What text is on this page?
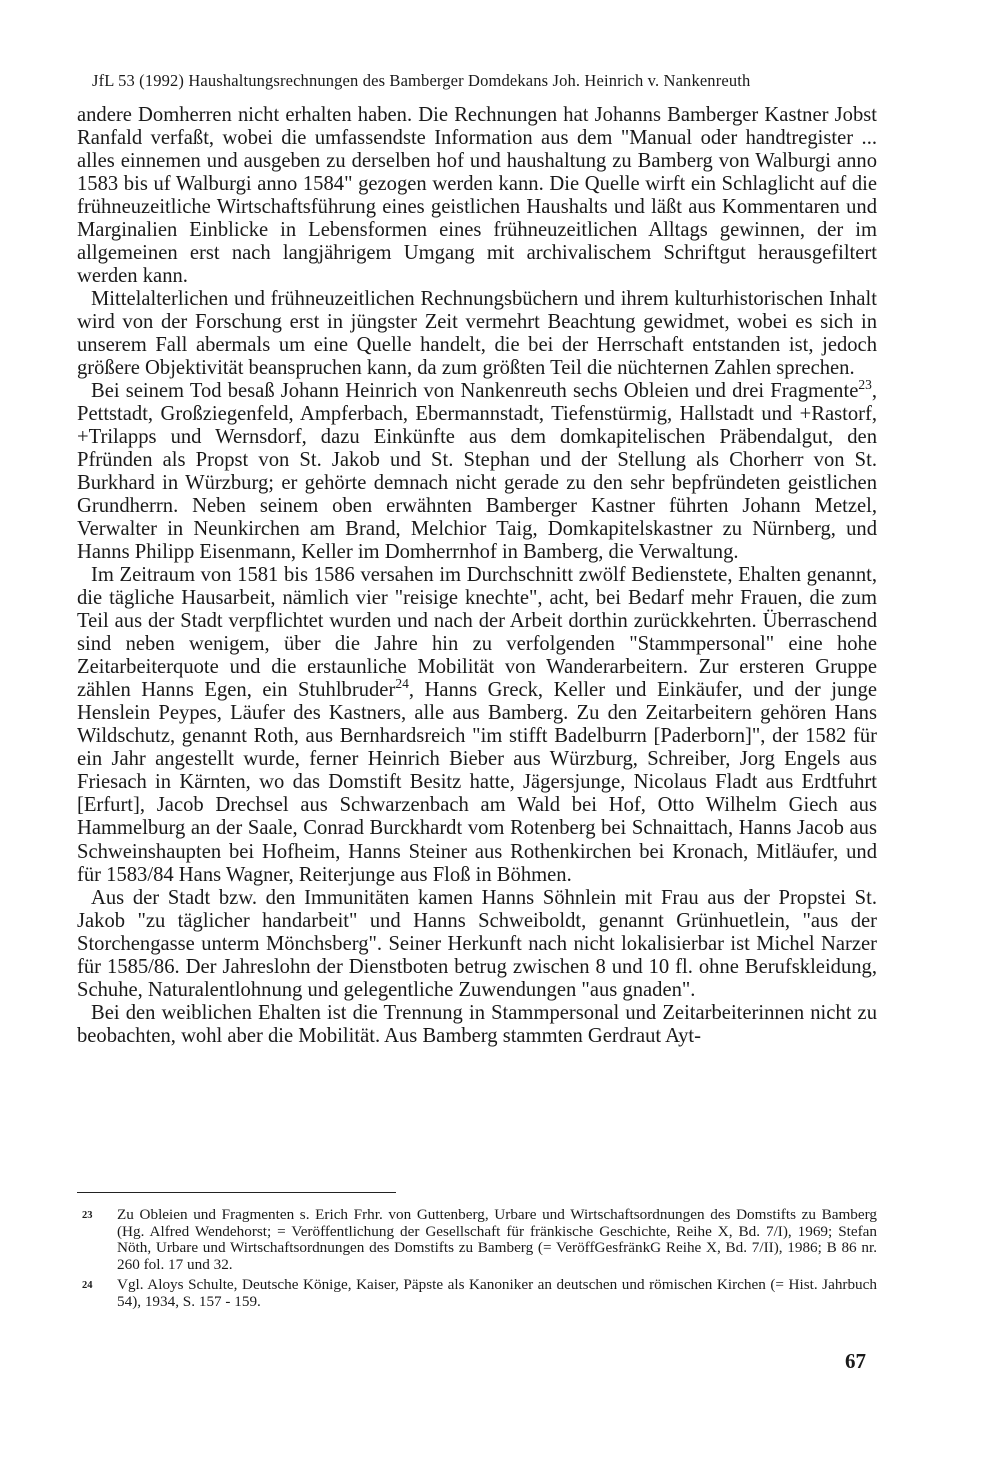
JfL 53 (1992) Haushaltungsrechnungen des Bamberger Domdekans Joh. Heinrich v. Nankenreuth

andere Domherren nicht erhalten haben. Die Rechnungen hat Johanns Bamberger Kastner Jobst Ranfald verfaßt, wobei die umfassendste Information aus dem "Manual oder handtregister ... alles einnemen und ausgeben zu derselben hof und haushaltung zu Bamberg von Walburgi anno 1583 bis uf Walburgi anno 1584" gezogen werden kann. Die Quelle wirft ein Schlaglicht auf die frühneuzeitliche Wirtschaftsführung eines geistlichen Haushalts und läßt aus Kommentaren und Marginalien Einblicke in Lebensformen eines frühneuzeitlichen Alltags gewinnen, der im allgemeinen erst nach langjährigem Umgang mit archivalischem Schriftgut herausgefiltert werden kann.

Mittelalterlichen und frühneuzeitlichen Rechnungsbüchern und ihrem kulturhistorischen Inhalt wird von der Forschung erst in jüngster Zeit vermehrt Beachtung gewidmet, wobei es sich in unserem Fall abermals um eine Quelle handelt, die bei der Herrschaft entstanden ist, jedoch größere Objektivität beanspruchen kann, da zum größten Teil die nüchternen Zahlen sprechen.

Bei seinem Tod besaß Johann Heinrich von Nankenreuth sechs Obleien und drei Fragmente$^{23}$, Pettstadt, Großziegenfeld, Ampferbach, Ebermannstadt, Tiefenstürmig, Hallstadt und +Rastorf, +Trilapps und Wernsdorf, dazu Einkünfte aus dem domkapitelischen Präbendalgut, den Pfründen als Propst von St. Jakob und St. Stephan und der Stellung als Chorherr von St. Burkhard in Würzburg; er gehörte demnach nicht gerade zu den sehr bepfründeten geistlichen Grundherrn. Neben seinem oben erwähnten Bamberger Kastner führten Johann Metzel, Verwalter in Neunkirchen am Brand, Melchior Taig, Domkapitelskastner zu Nürnberg, und Hanns Philipp Eisenmann, Keller im Domherrnhof in Bamberg, die Verwaltung.

Im Zeitraum von 1581 bis 1586 versahen im Durchschnitt zwölf Bedienstete, Ehalten genannt, die tägliche Hausarbeit, nämlich vier "reisige knechte", acht, bei Bedarf mehr Frauen, die zum Teil aus der Stadt verpflichtet wurden und nach der Arbeit dorthin zurückkehrten. Überraschend sind neben wenigem, über die Jahre hin zu verfolgenden "Stammpersonal" eine hohe Zeitarbeiterquote und die erstaunliche Mobilität von Wanderarbeitern. Zur ersteren Gruppe zählen Hanns Egen, ein Stuhlbruder$^{24}$, Hanns Greck, Keller und Einkäufer, und der junge Henslein Peypes, Läufer des Kastners, alle aus Bamberg. Zu den Zeitarbeitern gehören Hans Wildschutz, genannt Roth, aus Bernhardsreich "im stifft Badelburrn [Paderborn]", der 1582 für ein Jahr angestellt wurde, ferner Heinrich Bieber aus Würzburg, Schreiber, Jorg Engels aus Friesach in Kärnten, wo das Domstift Besitz hatte, Jägersjunge, Nicolaus Fladt aus Erdtfuhrt [Erfurt], Jacob Drechsel aus Schwarzenbach am Wald bei Hof, Otto Wilhelm Giech aus Hammelburg an der Saale, Conrad Burckhardt vom Rotenberg bei Schnaittach, Hanns Jacob aus Schweinshaupten bei Hofheim, Hanns Steiner aus Rothenkirchen bei Kronach, Mitläufer, und für 1583/84 Hans Wagner, Reiterjunge aus Floß in Böhmen.

Aus der Stadt bzw. den Immunitäten kamen Hanns Söhnlein mit Frau aus der Propstei St. Jakob "zu täglicher handarbeit" und Hanns Schweiboldt, genannt Grünhuetlein, "aus der Storchengasse unterm Mönchsberg". Seiner Herkunft nach nicht lokalisierbar ist Michel Narzer für 1585/86. Der Jahreslohn der Dienstboten betrug zwischen 8 und 10 fl. ohne Berufskleidung, Schuhe, Naturalentlohnung und gelegentliche Zuwendungen "aus gnaden".

Bei den weiblichen Ehalten ist die Trennung in Stammpersonal und Zeitarbeiterinnen nicht zu beobachten, wohl aber die Mobilität. Aus Bamberg stammten Gerdraut Ayt-

23 Zu Obleien und Fragmenten s. Erich Frhr. von Guttenberg, Urbare und Wirtschaftsordnungen des Domstifts zu Bamberg (Hg. Alfred Wendehorst; = Veröffentlichung der Gesellschaft für fränkische Geschichte, Reihe X, Bd. 7/I), 1969; Stefan Nöth, Urbare und Wirtschaftsordnungen des Domstifts zu Bamberg (= VeröffGesfränkG Reihe X, Bd. 7/II), 1986; B 86 nr. 260 fol. 17 und 32.
24 Vgl. Aloys Schulte, Deutsche Könige, Kaiser, Päpste als Kanoniker an deutschen und römischen Kirchen (= Hist. Jahrbuch 54), 1934, S. 157 - 159.
67
